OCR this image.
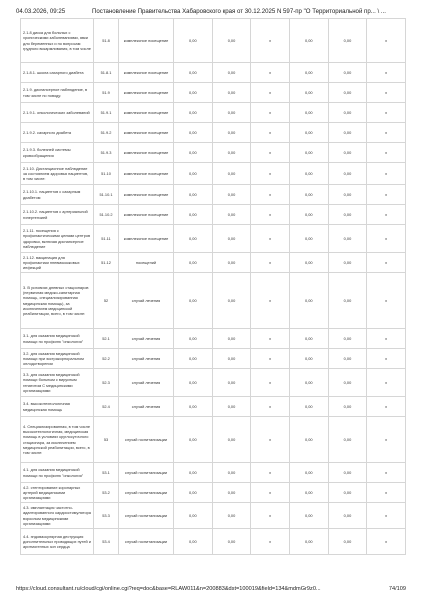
04.03.2026, 09:25	Постановление Правительства Хабаровского края от 30.12.2025 N 597-пр "О Территориальной пр... \ ...
2.1.8 диска для больных с хроническими заболеваниями, явки для беременных и по вопросам грудного вскармливания, в том числе	51.8	комплексное посещение	0,00	0,00	x	0,00	0,00	x
2.1.8.1. школа сахарного диабета	51.8.1	комплексное посещение	0,00	0,00	x	0,00	0,00	x
2.1.9. диспансерное наблюдение, в том числе по поводу:	51.9	комплексное посещение	0,00	0,00	x	0,00	0,00	x
2.1.9.1. онкологических заболеваний	51.9.1	комплексное посещение	0,00	0,00	x	0,00	0,00	x
2.1.9.2. сахарного диабета	51.9.2	комплексное посещение	0,00	0,00	x	0,00	0,00	x
2.1.9.3. болезней системы кровообращения	51.9.3	комплексное посещение	0,00	0,00	x	0,00	0,00	x
2.1.10. Дистанционное наблюдение за состоянием здоровья пациентов, в том числе:	51.10	комплексное посещение	0,00	0,00	x	0,00	0,00	x
2.1.10.1. пациентов с сахарным диабетом	51.10.1	комплексное посещение	0,00	0,00	x	0,00	0,00	x
2.1.10.2. пациентов с артериальной гипертензией	51.10.2	комплексное посещение	0,00	0,00	x	0,00	0,00	x
2.1.11. посещения с профилактическими целями центров здоровья, включая диспансерное наблюдение	51.11	комплексное посещение	0,00	0,00	x	0,00	0,00	x
2.1.12. вакцинация для профилактики пневмококковых инфекций	51.12	посещений	0,00	0,00	x	0,00	0,00	x
3. В условиях дневных стационаров (первичная медико-санитарная помощь, специализированная медицинская помощь), за исключением медицинской реабилитации, всего, в том числе:	52	случай лечения	0,00	0,00	x	0,00	0,00	x
3.1. для оказания медицинской помощи по профилю "онкология"	52.1	случай лечения	0,00	0,00	x	0,00	0,00	x
3.2. для оказания медицинской помощи при экстракорпоральном оплодотворении	52.2	случай лечения	0,00	0,00	x	0,00	0,00	x
3.3. для оказания медицинской помощи больным с вирусным гепатитом С медицинскими организациями	52.3	случай лечения	0,00	0,00	x	0,00	0,00	x
3.4. высокотехнологичная медицинская помощь	52.4	случай лечения	0,00	0,00	x	0,00	0,00	x
4. Специализированная, в том числе высокотехнологичная, медицинская помощь в условиях круглосуточного стационара, за исключением медицинской реабилитации, всего, в том числе:	53	случай госпитализации	0,00	0,00	x	0,00	0,00	x
4.1. для оказания медицинской помощи по профилю "онкология"	53.1	случай госпитализации	0,00	0,00	x	0,00	0,00	x
4.2. стентирование коронарных артерий медицинскими организациями	53.2	случай госпитализации	0,00	0,00	x	0,00	0,00	x
4.3. имплантация частотно-адаптированного кардиостимулятора взрослым медицинскими организациями	53.3	случай госпитализации	0,00	0,00	x	0,00	0,00	x
4.4. эндоваскулярная деструкция дополнительных проводящих путей и аритмогенных зон сердца	53.4	случай госпитализации	0,00	0,00	x	0,00	0,00	x
https://cloud.consultant.ru/cloud/cgi/online.cgi?req=doc&base=RLAW011&n=200883&dst=100019&field=134&mdmGr9z0...	74/109
